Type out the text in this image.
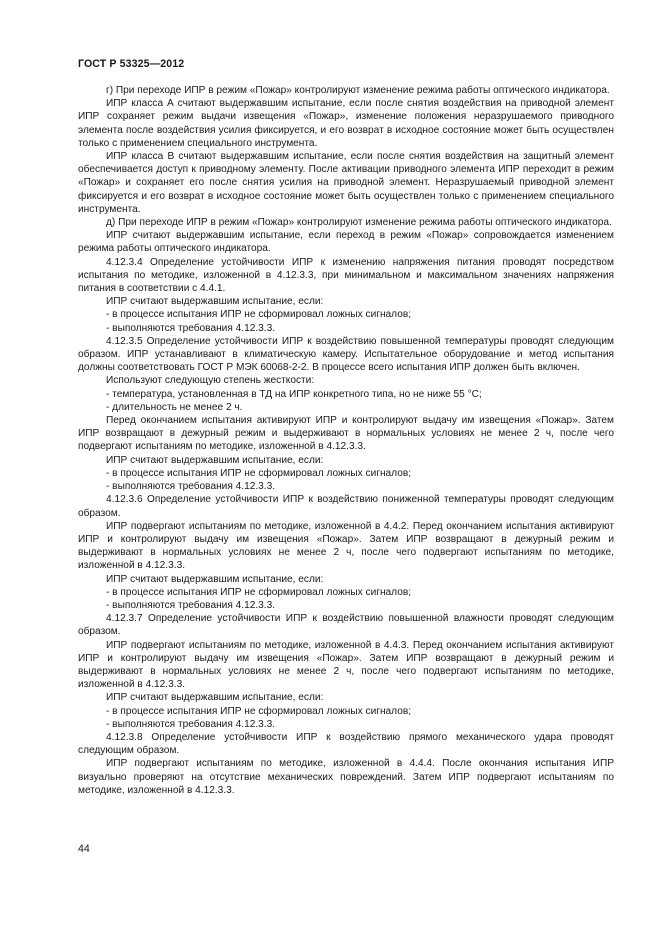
ГОСТ Р 53325—2012

г) При переходе ИПР в режим «Пожар» контролируют изменение режима работы оптического индикатора.

ИПР класса А считают выдержавшим испытание, если после снятия воздействия на приводной элемент ИПР сохраняет режим выдачи извещения «Пожар», изменение положения неразрушаемого приводного элемента после воздействия усилия фиксируется, и его возврат в исходное состояние может быть осуществлен только с применением специального инструмента.

ИПР класса В считают выдержавшим испытание, если после снятия воздействия на защитный элемент обеспечивается доступ к приводному элементу. После активации приводного элемента ИПР переходит в режим «Пожар» и сохраняет его после снятия усилия на приводной элемент. Неразрушаемый приводной элемент фиксируется и его возврат в исходное состояние может быть осуществлен только с применением специального инструмента.

д) При переходе ИПР в режим «Пожар» контролируют изменение режима работы оптического индикатора.

ИПР считают выдержавшим испытание, если переход в режим «Пожар» сопровождается изменением режима работы оптического индикатора.

4.12.3.4 Определение устойчивости ИПР к изменению напряжения питания проводят посредством испытания по методике, изложенной в 4.12.3.3, при минимальном и максимальном значениях напряжения питания в соответствии с 4.4.1.

ИПР считают выдержавшим испытание, если:

- в процессе испытания ИПР не сформировал ложных сигналов;

- выполняются требования 4.12.3.3.

4.12.3.5 Определение устойчивости ИПР к воздействию повышенной температуры проводят следующим образом. ИПР устанавливают в климатическую камеру. Испытательное оборудование и метод испытания должны соответствовать ГОСТ Р МЭК 60068-2-2. В процессе всего испытания ИПР должен быть включен.

Используют следующую степень жесткости:

- температура, установленная в ТД на ИПР конкретного типа, но не ниже 55 °С;

- длительность не менее 2 ч.

Перед окончанием испытания активируют ИПР и контролируют выдачу им извещения «Пожар». Затем ИПР возвращают в дежурный режим и выдерживают в нормальных условиях не менее 2 ч, после чего подвергают испытаниям по методике, изложенной в 4.12.3.3.

ИПР считают выдержавшим испытание, если:

- в процессе испытания ИПР не сформировал ложных сигналов;

- выполняются требования 4.12.3.3.

4.12.3.6 Определение устойчивости ИПР к воздействию пониженной температуры проводят следующим образом.

ИПР подвергают испытаниям по методике, изложенной в 4.4.2. Перед окончанием испытания активируют ИПР и контролируют выдачу им извещения «Пожар». Затем ИПР возвращают в дежурный режим и выдерживают в нормальных условиях не менее 2 ч, после чего подвергают испытаниям по методике, изложенной в 4.12.3.3.

ИПР считают выдержавшим испытание, если:

- в процессе испытания ИПР не сформировал ложных сигналов;

- выполняются требования 4.12.3.3.

4.12.3.7 Определение устойчивости ИПР к воздействию повышенной влажности проводят следующим образом.

ИПР подвергают испытаниям по методике, изложенной в 4.4.3. Перед окончанием испытания активируют ИПР и контролируют выдачу им извещения «Пожар». Затем ИПР возвращают в дежурный режим и выдерживают в нормальных условиях не менее 2 ч, после чего подвергают испытаниям по методике, изложенной в 4.12.3.3.

ИПР считают выдержавшим испытание, если:

- в процессе испытания ИПР не сформировал ложных сигналов;

- выполняются требования 4.12.3.3.

4.12.3.8 Определение устойчивости ИПР к воздействию прямого механического удара проводят следующим образом.

ИПР подвергают испытаниям по методике, изложенной в 4.4.4. После окончания испытания ИПР визуально проверяют на отсутствие механических повреждений. Затем ИПР подвергают испытаниям по методике, изложенной в 4.12.3.3.

44
